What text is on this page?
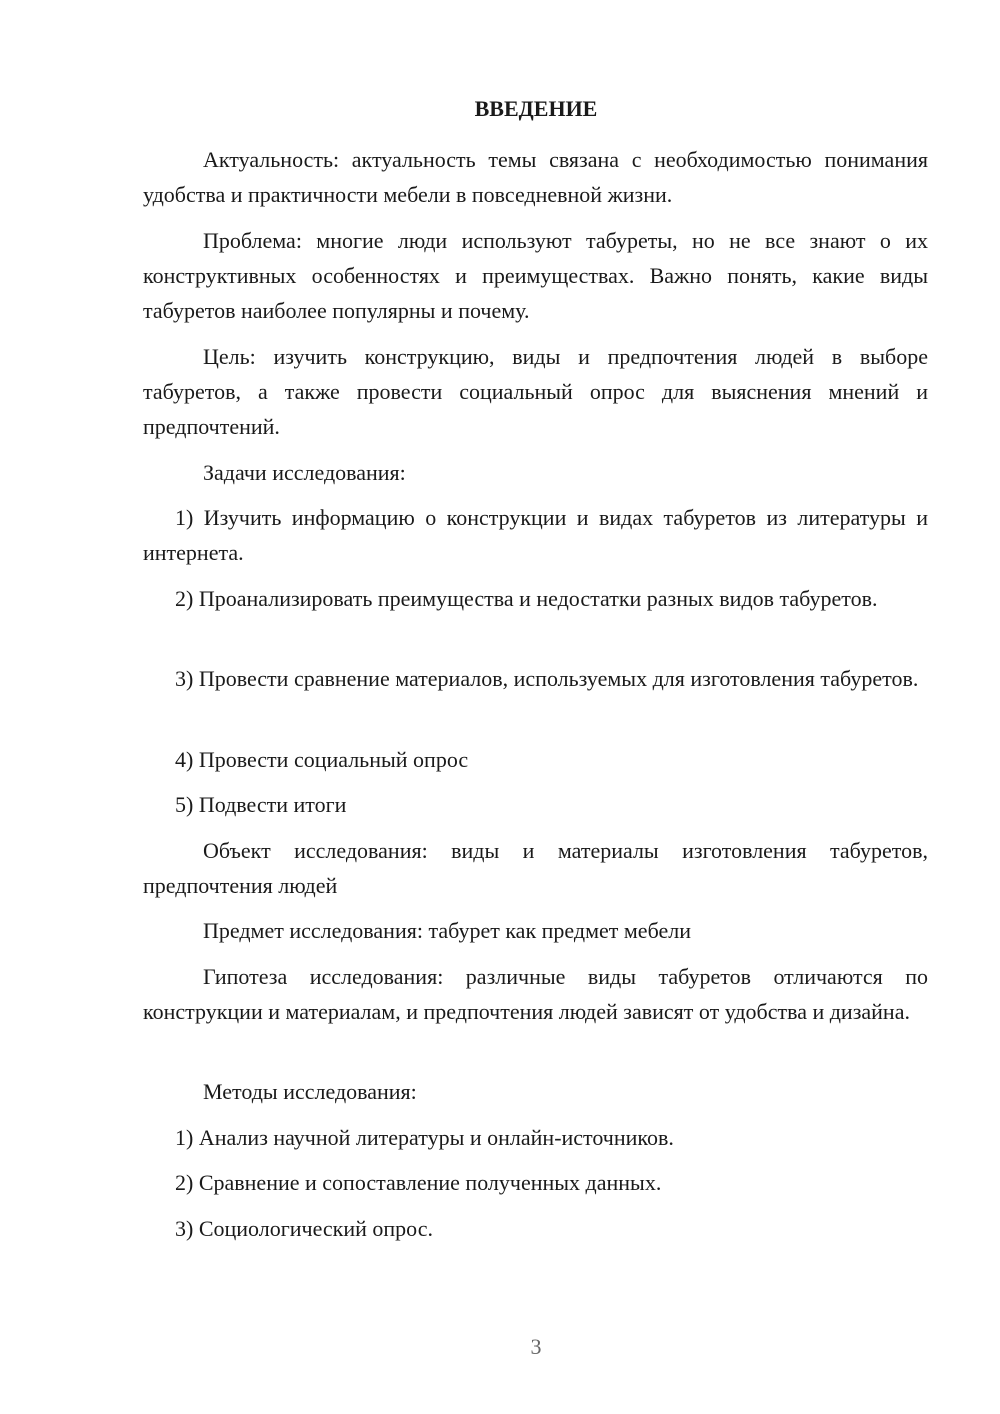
ВВЕДЕНИЕ

Актуальность: актуальность темы связана с необходимостью понимания удобства и практичности мебели в повседневной жизни.

Проблема: многие люди используют табуреты, но не все знают о их конструктивных особенностях и преимуществах. Важно понять, какие виды табуретов наиболее популярны и почему.

Цель: изучить конструкцию, виды и предпочтения людей в выборе табуретов, а также провести социальный опрос для выяснения мнений и предпочтений.

Задачи исследования:

1) Изучить информацию о конструкции и видах табуретов из литературы и интернета.

2) Проанализировать преимущества и недостатки разных видов табуретов.

3) Провести сравнение материалов, используемых для изготовления табуретов.

4) Провести социальный опрос

5) Подвести итоги

Объект исследования: виды и материалы изготовления табуретов, предпочтения людей

Предмет исследования: табурет как предмет мебели

Гипотеза исследования: различные виды табуретов отличаются по конструкции и материалам, и предпочтения людей зависят от удобства и дизайна.

Методы исследования:

1) Анализ научной литературы и онлайн-источников.

2) Сравнение и сопоставление полученных данных.

3) Социологический опрос.

3
